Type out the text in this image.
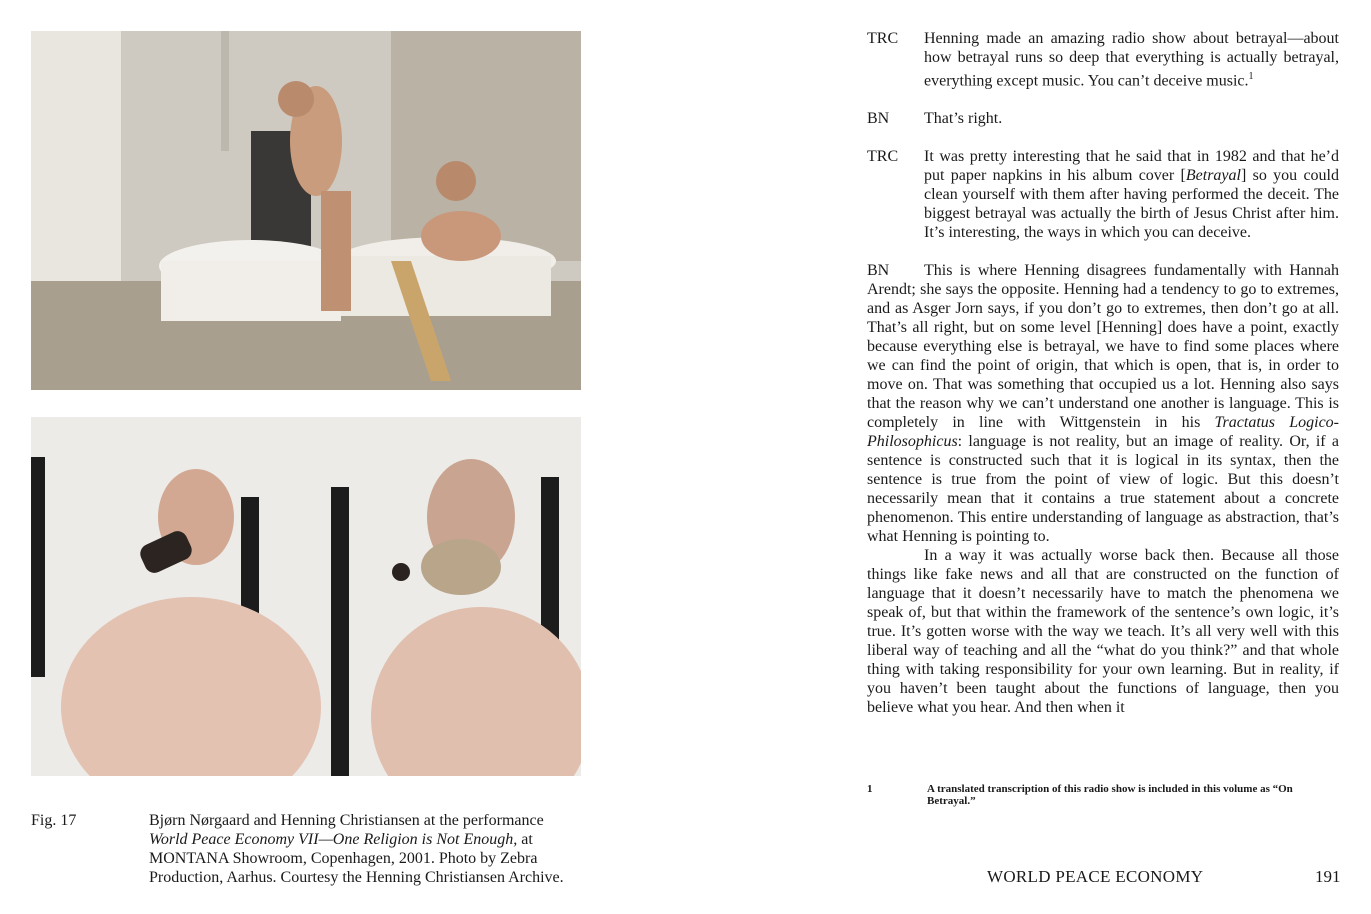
Fig. 17	Bjørn Nørgaard and Henning Christiansen at the performance
World Peace Economy VII—One Religion is Not Enough, at
MONTANA Showroom, Copenhagen, 2001. Photo by Zebra
Production, Aarhus. Courtesy the Henning Christiansen Archive.
TRC Henning made an amazing radio show about betrayal—about how betrayal runs so deep that everything is actually betrayal, everything except music. You can’t deceive music.$^1$
BN That’s right.
TRC It was pretty interesting that he said that in 1982 and that he’d put paper napkins in his album cover [Betrayal] so you could clean yourself with them after having performed the deceit. The biggest betrayal was actually the birth of Jesus Christ after him. It’s interesting, the ways in which you can deceive.

BN This is where Henning disagrees fundamentally with Hannah Arendt; she says the opposite. Henning had a tendency to go to extremes, and as Asger Jorn says, if you don’t go to extremes, then don’t go at all. That’s all right, but on some level [Henning] does have a point, exactly because everything else is betrayal, we have to find some places where we can find the point of origin, that which is open, that is, in order to move on. That was something that occupied us a lot. Henning also says that the reason why we can’t understand one another is language. This is completely in line with Wittgenstein in his Tractatus Logico-Philosophicus: language is not reality, but an image of reality. Or, if a sentence is constructed such that it is logical in its syntax, then the sentence is true from the point of view of logic. But this doesn’t necessarily mean that it contains a true statement about a concrete phenomenon. This entire understanding of language as abstraction, that’s what Henning is pointing to.

In a way it was actually worse back then. Because all those things like fake news and all that are constructed on the function of language that it doesn’t necessarily have to match the phenomena we speak of, but that within the framework of the sentence’s own logic, it’s true. It’s gotten worse with the way we teach. It’s all very well with this liberal way of teaching and all the “what do you think?” and that whole thing with taking responsibility for your own learning. But in reality, if you haven’t been taught about the functions of language, then you believe what you hear. And then when it

1	A translated transcription of this radio show is included in this volume as “On Betrayal.”
WORLD PEACE ECONOMY	191
